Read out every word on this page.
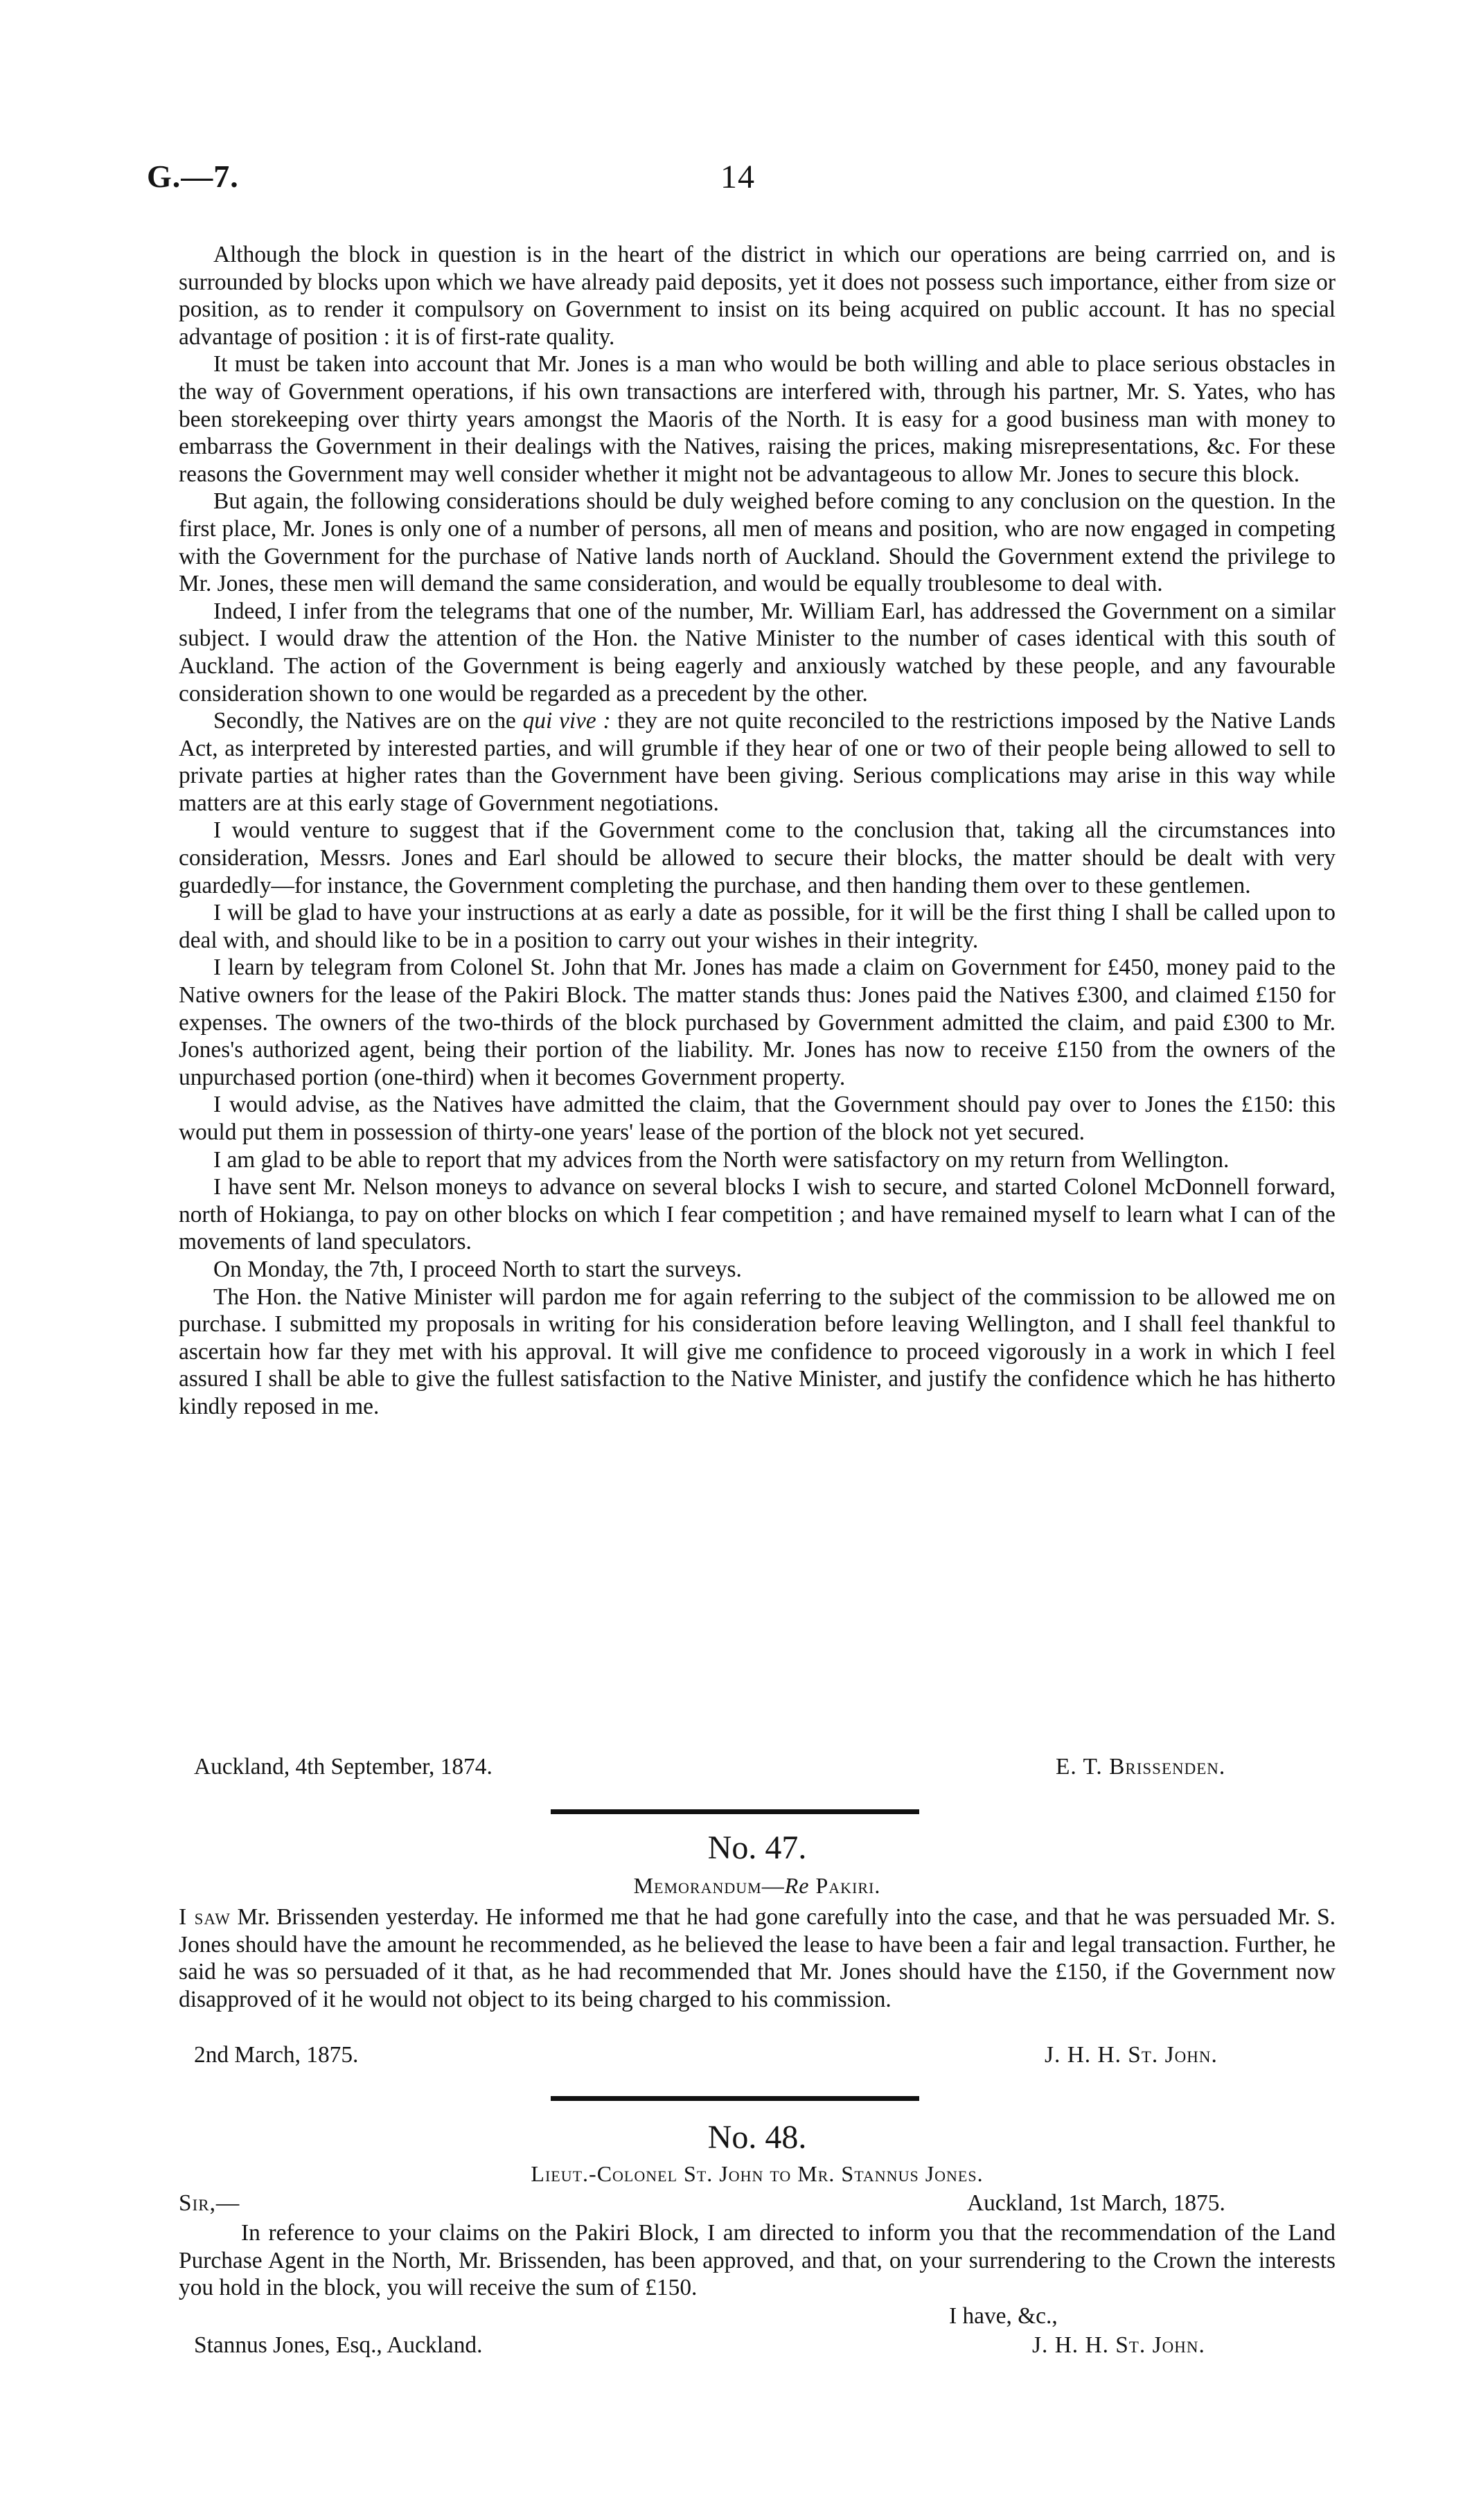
G.—7.	14

Although the block in question is in the heart of the district in which our operations are being carrried on, and is surrounded by blocks upon which we have already paid deposits, yet it does not possess such importance, either from size or position, as to render it compulsory on Government to insist on its being acquired on public account. It has no special advantage of position : it is of first-rate quality.

It must be taken into account that Mr. Jones is a man who would be both willing and able to place serious obstacles in the way of Government operations, if his own transactions are interfered with, through his partner, Mr. S. Yates, who has been storekeeping over thirty years amongst the Maoris of the North. It is easy for a good business man with money to embarrass the Government in their dealings with the Natives, raising the prices, making misrepresentations, &c. For these reasons the Government may well consider whether it might not be advantageous to allow Mr. Jones to secure this block.

But again, the following considerations should be duly weighed before coming to any conclusion on the question. In the first place, Mr. Jones is only one of a number of persons, all men of means and position, who are now engaged in competing with the Government for the purchase of Native lands north of Auckland. Should the Government extend the privilege to Mr. Jones, these men will demand the same consideration, and would be equally troublesome to deal with.

Indeed, I infer from the telegrams that one of the number, Mr. William Earl, has addressed the Government on a similar subject. I would draw the attention of the Hon. the Native Minister to the number of cases identical with this south of Auckland. The action of the Government is being eagerly and anxiously watched by these people, and any favourable consideration shown to one would be regarded as a precedent by the other.

Secondly, the Natives are on the qui vive : they are not quite reconciled to the restrictions imposed by the Native Lands Act, as interpreted by interested parties, and will grumble if they hear of one or two of their people being allowed to sell to private parties at higher rates than the Government have been giving. Serious complications may arise in this way while matters are at this early stage of Government negotiations.

I would venture to suggest that if the Government come to the conclusion that, taking all the circumstances into consideration, Messrs. Jones and Earl should be allowed to secure their blocks, the matter should be dealt with very guardedly—for instance, the Government completing the purchase, and then handing them over to these gentlemen.

I will be glad to have your instructions at as early a date as possible, for it will be the first thing I shall be called upon to deal with, and should like to be in a position to carry out your wishes in their integrity.

I learn by telegram from Colonel St. John that Mr. Jones has made a claim on Government for £450, money paid to the Native owners for the lease of the Pakiri Block. The matter stands thus: Jones paid the Natives £300, and claimed £150 for expenses. The owners of the two-thirds of the block purchased by Government admitted the claim, and paid £300 to Mr. Jones's authorized agent, being their portion of the liability. Mr. Jones has now to receive £150 from the owners of the unpurchased portion (one-third) when it becomes Government property.

I would advise, as the Natives have admitted the claim, that the Government should pay over to Jones the £150: this would put them in possession of thirty-one years' lease of the portion of the block not yet secured.

I am glad to be able to report that my advices from the North were satisfactory on my return from Wellington.

I have sent Mr. Nelson moneys to advance on several blocks I wish to secure, and started Colonel McDonnell forward, north of Hokianga, to pay on other blocks on which I fear competition ; and have remained myself to learn what I can of the movements of land speculators.

On Monday, the 7th, I proceed North to start the surveys.

The Hon. the Native Minister will pardon me for again referring to the subject of the commission to be allowed me on purchase. I submitted my proposals in writing for his consideration before leaving Wellington, and I shall feel thankful to ascertain how far they met with his approval. It will give me confidence to proceed vigorously in a work in which I feel assured I shall be able to give the fullest satisfaction to the Native Minister, and justify the confidence which he has hitherto kindly reposed in me.

Auckland, 4th September, 1874.	E. T. Brissenden.
No. 47.
Memorandum—Re Pakiri.

I saw Mr. Brissenden yesterday. He informed me that he had gone carefully into the case, and that he was persuaded Mr. S. Jones should have the amount he recommended, as he believed the lease to have been a fair and legal transaction. Further, he said he was so persuaded of it that, as he had recommended that Mr. Jones should have the £150, if the Government now disapproved of it he would not object to its being charged to his commission.

2nd March, 1875.	J. H. H. St. John.
No. 48.
Lieut.-Colonel St. John to Mr. Stannus Jones.
Sir,—	Auckland, 1st March, 1875.

In reference to your claims on the Pakiri Block, I am directed to inform you that the recommendation of the Land Purchase Agent in the North, Mr. Brissenden, has been approved, and that, on your surrendering to the Crown the interests you hold in the block, you will receive the sum of £150.

I have, &c.,
Stannus Jones, Esq., Auckland.	J. H. H. St. John.
